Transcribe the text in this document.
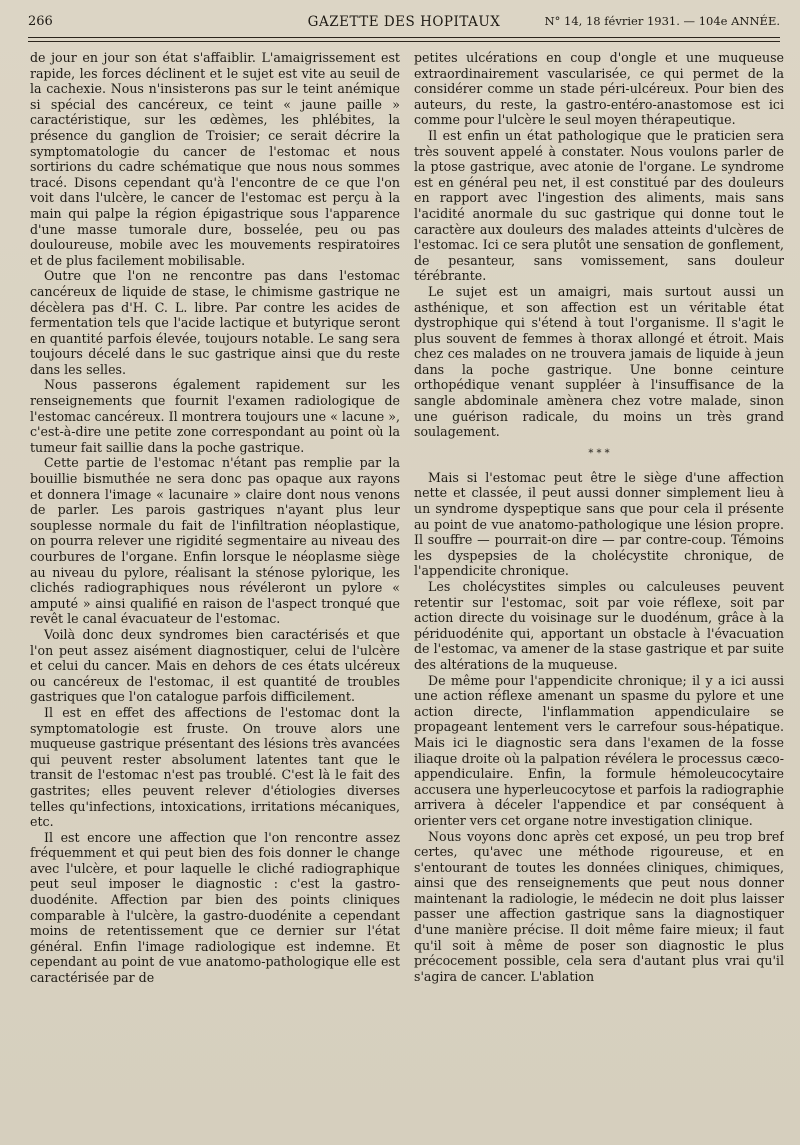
266	GAZETTE DES HOPITAUX	N° 14, 18 février 1931. — 104e ANNÉE.

de jour en jour son état s'affaiblir. L'amaigrissement est rapide, les forces déclinent et le sujet est vite au seuil de la cachexie. Nous n'insisterons pas sur le teint anémique si spécial des cancéreux, ce teint « jaune paille » caractéristique, sur les œdèmes, les phlébites, la présence du ganglion de Troisier; ce serait décrire la symptomatologie du cancer de l'estomac et nous sortirions du cadre schématique que nous nous sommes tracé. Disons cependant qu'à l'encontre de ce que l'on voit dans l'ulcère, le cancer de l'estomac est perçu à la main qui palpe la région épigastrique sous l'apparence d'une masse tumorale dure, bosselée, peu ou pas douloureuse, mobile avec les mouvements respiratoires et de plus facilement mobilisable.

Outre que l'on ne rencontre pas dans l'estomac cancéreux de liquide de stase, le chimisme gastrique ne décèlera pas d'H. C. L. libre. Par contre les acides de fermentation tels que l'acide lactique et butyrique seront en quantité parfois élevée, toujours notable. Le sang sera toujours décelé dans le suc gastrique ainsi que du reste dans les selles.

Nous passerons également rapidement sur les renseignements que fournit l'examen radiologique de l'estomac cancéreux. Il montrera toujours une « lacune », c'est-à-dire une petite zone correspondant au point où la tumeur fait saillie dans la poche gastrique.

Cette partie de l'estomac n'étant pas remplie par la bouillie bismuthée ne sera donc pas opaque aux rayons et donnera l'image « lacunaire » claire dont nous venons de parler. Les parois gastriques n'ayant plus leur souplesse normale du fait de l'infiltration néoplastique, on pourra relever une rigidité segmentaire au niveau des courbures de l'organe. Enfin lorsque le néoplasme siège au niveau du pylore, réalisant la sténose pylorique, les clichés radiographiques nous révéleront un pylore « amputé » ainsi qualifié en raison de l'aspect tronqué que revêt le canal évacuateur de l'estomac.

Voilà donc deux syndromes bien caractérisés et que l'on peut assez aisément diagnostiquer, celui de l'ulcère et celui du cancer. Mais en dehors de ces états ulcéreux ou cancéreux de l'estomac, il est quantité de troubles gastriques que l'on catalogue parfois difficilement.

Il est en effet des affections de l'estomac dont la symptomatologie est fruste. On trouve alors une muqueuse gastrique présentant des lésions très avancées qui peuvent rester absolument latentes tant que le transit de l'estomac n'est pas troublé. C'est là le fait des gastrites; elles peuvent relever d'étiologies diverses telles qu'infections, intoxications, irritations mécaniques, etc.

Il est encore une affection que l'on rencontre assez fréquemment et qui peut bien des fois donner le change avec l'ulcère, et pour laquelle le cliché radiographique peut seul imposer le diagnostic : c'est la gastro-duodénite. Affection par bien des points cliniques comparable à l'ulcère, la gastro-duodénite a cependant moins de retentissement que ce dernier sur l'état général. Enfin l'image radiologique est indemne. Et cependant au point de vue anatomo-pathologique elle est caractérisée par de

petites ulcérations en coup d'ongle et une muqueuse extraordinairement vascularisée, ce qui permet de la considérer comme un stade péri-ulcéreux. Pour bien des auteurs, du reste, la gastro-entéro-anastomose est ici comme pour l'ulcère le seul moyen thérapeutique.

Il est enfin un état pathologique que le praticien sera très souvent appelé à constater. Nous voulons parler de la ptose gastrique, avec atonie de l'organe. Le syndrome est en général peu net, il est constitué par des douleurs en rapport avec l'ingestion des aliments, mais sans l'acidité anormale du suc gastrique qui donne tout le caractère aux douleurs des malades atteints d'ulcères de l'estomac. Ici ce sera plutôt une sensation de gonflement, de pesanteur, sans vomissement, sans douleur térébrante.

Le sujet est un amaigri, mais surtout aussi un asthénique, et son affection est un véritable état dystrophique qui s'étend à tout l'organisme. Il s'agit le plus souvent de femmes à thorax allongé et étroit. Mais chez ces malades on ne trouvera jamais de liquide à jeun dans la poche gastrique. Une bonne ceinture orthopédique venant suppléer à l'insuffisance de la sangle abdominale amènera chez votre malade, sinon une guérison radicale, du moins un très grand soulagement.

* * *

Mais si l'estomac peut être le siège d'une affection nette et classée, il peut aussi donner simplement lieu à un syndrome dyspeptique sans que pour cela il présente au point de vue anatomo-pathologique une lésion propre. Il souffre — pourrait-on dire — par contre-coup. Témoins les dyspepsies de la cholécystite chronique, de l'appendicite chronique.

Les cholécystites simples ou calculeuses peuvent retentir sur l'estomac, soit par voie réflexe, soit par action directe du voisinage sur le duodénum, grâce à la périduodénite qui, apportant un obstacle à l'évacuation de l'estomac, va amener de la stase gastrique et par suite des altérations de la muqueuse.

De même pour l'appendicite chronique; il y a ici aussi une action réflexe amenant un spasme du pylore et une action directe, l'inflammation appendiculaire se propageant lentement vers le carrefour sous-hépatique. Mais ici le diagnostic sera dans l'examen de la fosse iliaque droite où la palpation révélera le processus cæco-appendiculaire. Enfin, la formule hémoleucocytaire accusera une hyperleucocytose et parfois la radiographie arrivera à déceler l'appendice et par conséquent à orienter vers cet organe notre investigation clinique.

Nous voyons donc après cet exposé, un peu trop bref certes, qu'avec une méthode rigoureuse, et en s'entourant de toutes les données cliniques, chimiques, ainsi que des renseignements que peut nous donner maintenant la radiologie, le médecin ne doit plus laisser passer une affection gastrique sans la diagnostiquer d'une manière précise. Il doit même faire mieux; il faut qu'il soit à même de poser son diagnostic le plus précocement possible, cela sera d'autant plus vrai qu'il s'agira de cancer. L'ablation
